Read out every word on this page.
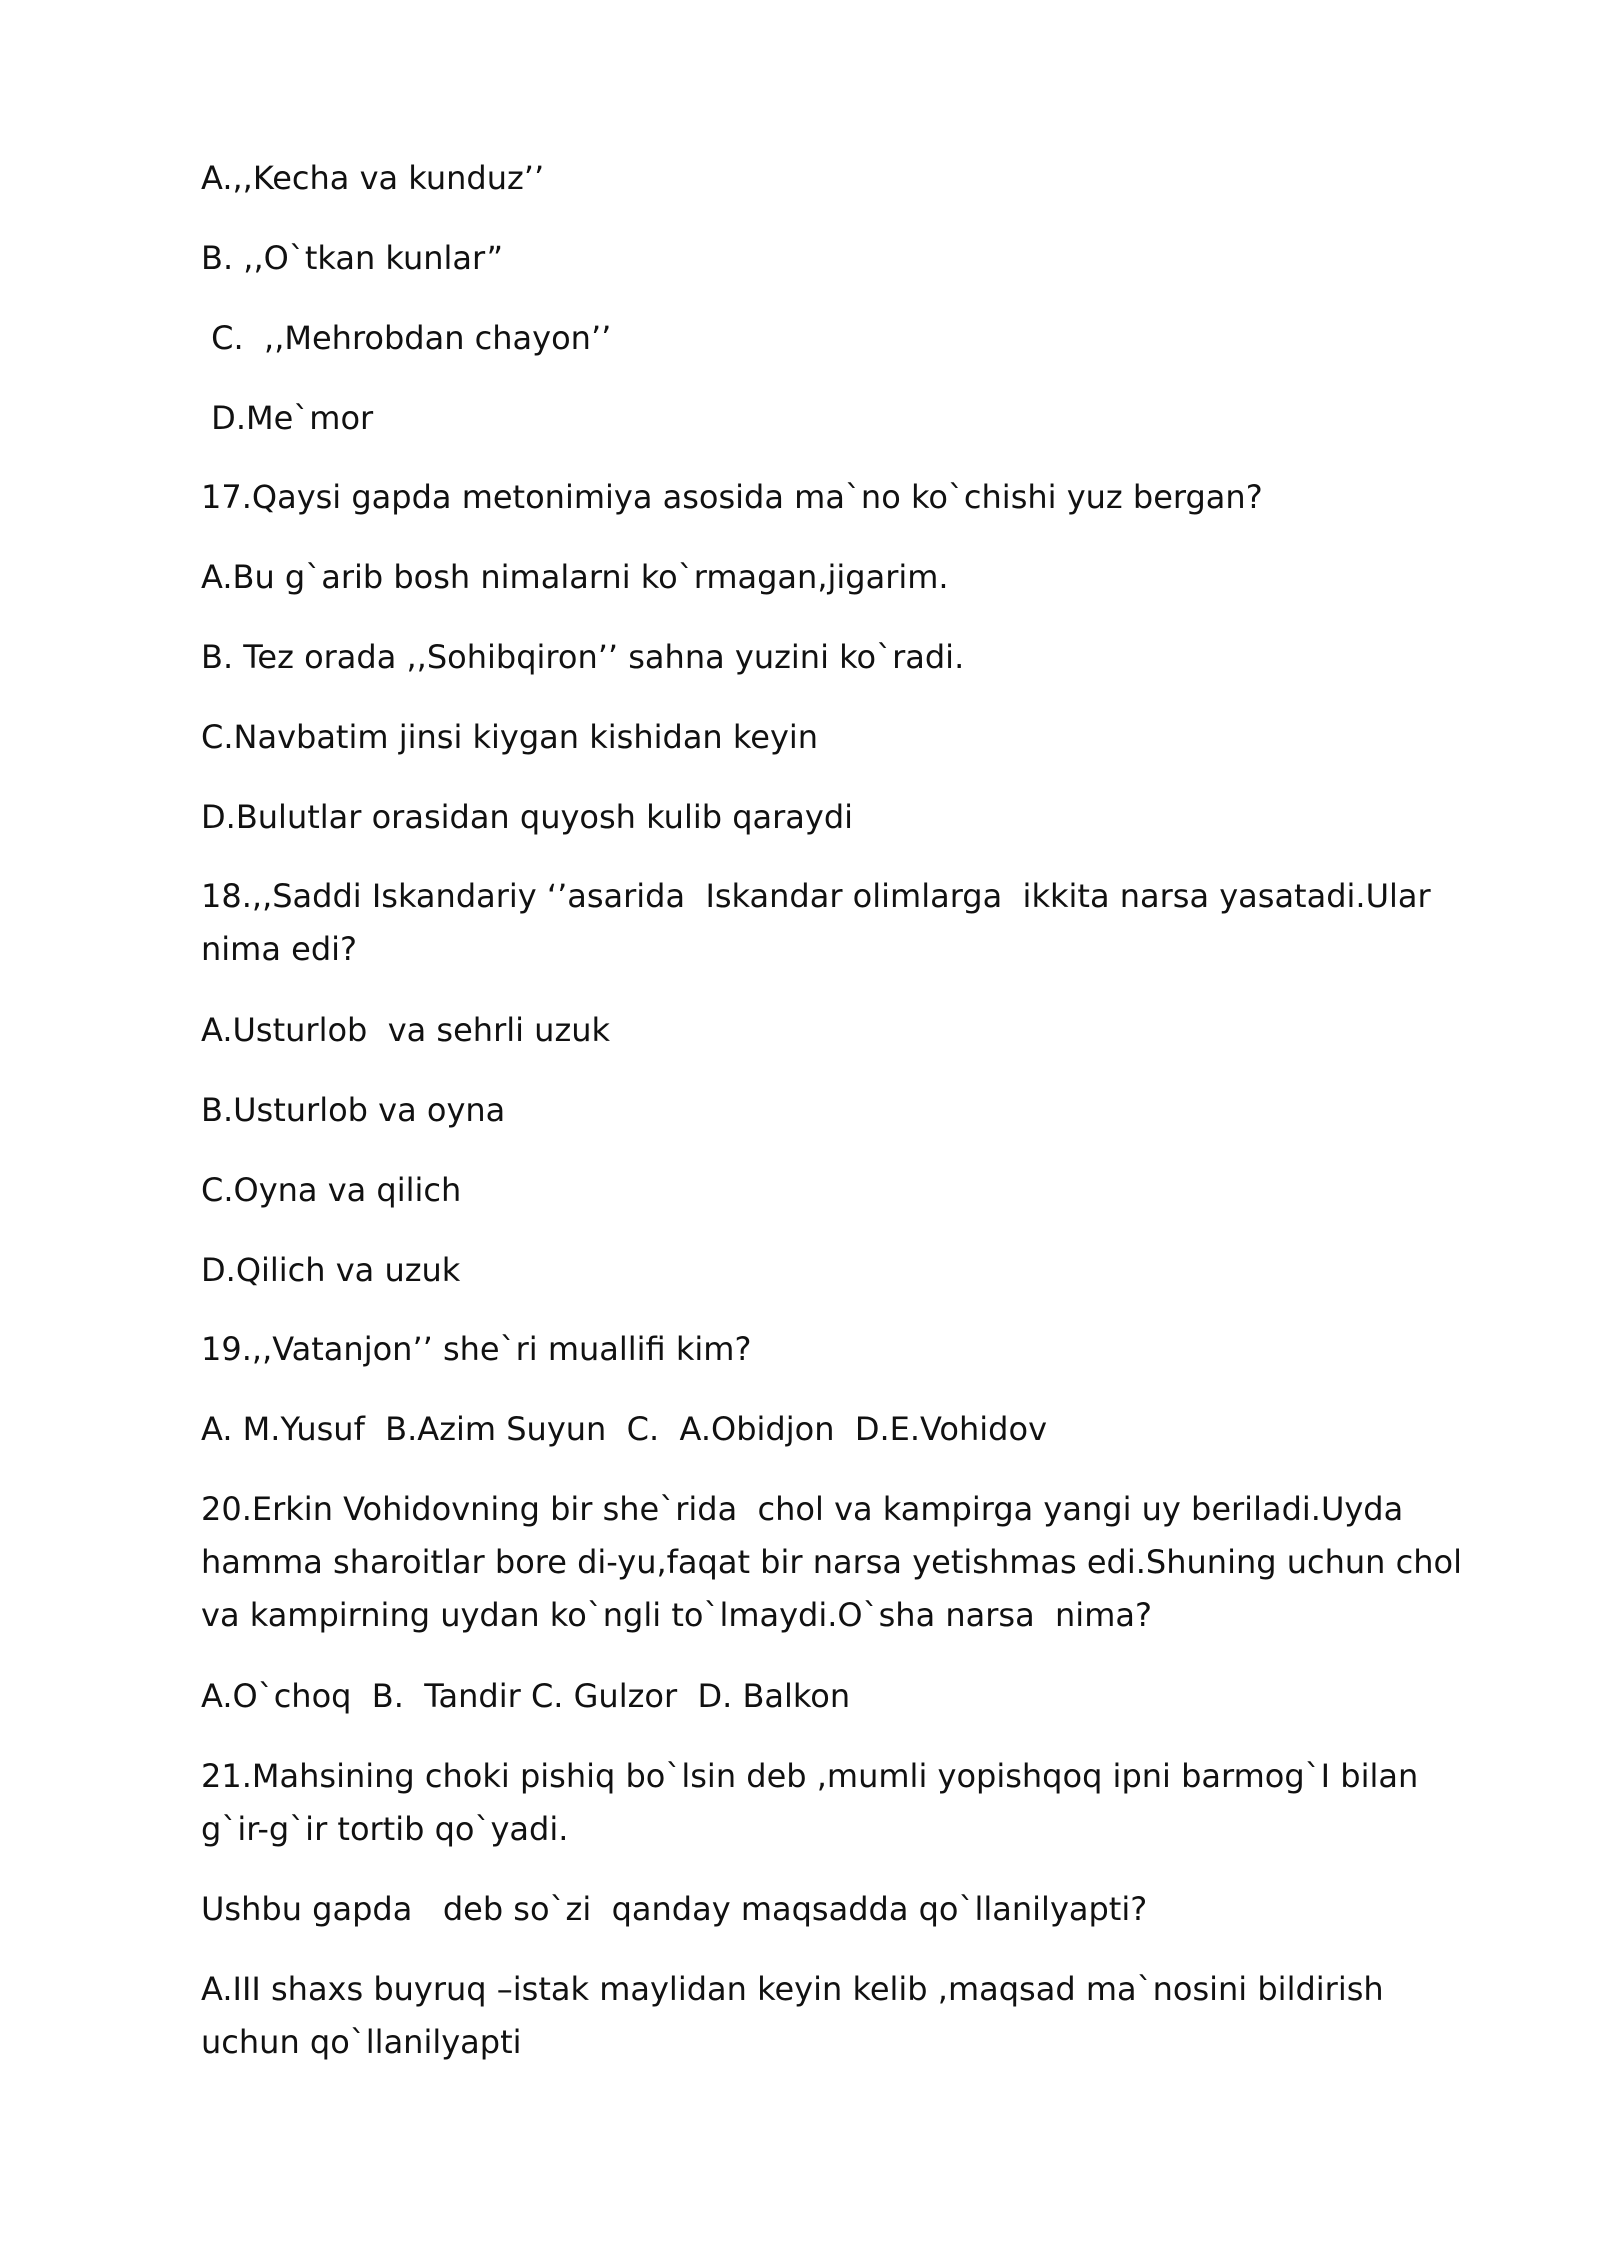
A.,,Kecha va kunduz’’
B. ,,O`tkan kunlar”
C.  ,,Mehrobdan chayon’’
D.Me`mor
17.Qaysi gapda metonimiya asosida ma`no ko`chishi yuz bergan?
A.Bu g`arib bosh nimalarni ko`rmagan,jigarim.
B. Tez orada ,,Sohibqiron’’ sahna yuzini ko`radi.
C.Navbatim jinsi kiygan kishidan keyin
D.Bulutlar orasidan quyosh kulib qaraydi
18.,,Saddi Iskandariy ‘’asarida  Iskandar olimlarga  ikkita narsa yasatadi.Ular nima edi?
A.Usturlob  va sehrli uzuk
B.Usturlob va oyna
C.Oyna va qilich
D.Qilich va uzuk
19.,,Vatanjon’’ she`ri muallifi kim?
A. M.Yusuf  B.Azim Suyun  C.  A.Obidjon  D.E.Vohidov
20.Erkin Vohidovning bir she`rida  chol va kampirga yangi uy beriladi.Uyda hamma sharoitlar bore di-yu,faqat bir narsa yetishmas edi.Shuning uchun chol va kampirning uydan ko`ngli to`lmaydi.O`sha narsa  nima?
A.O`choq  B.  Tandir C. Gulzor  D. Balkon
21.Mahsining choki pishiq bo`lsin deb ,mumli yopishqoq ipni barmog`I bilan g`ir-g`ir tortib qo`yadi.
Ushbu gapda   deb so`zi  qanday maqsadda qo`llanilyapti?
A.III shaxs buyruq –istak maylidan keyin kelib ,maqsad ma`nosini bildirish uchun qo`llanilyapti
